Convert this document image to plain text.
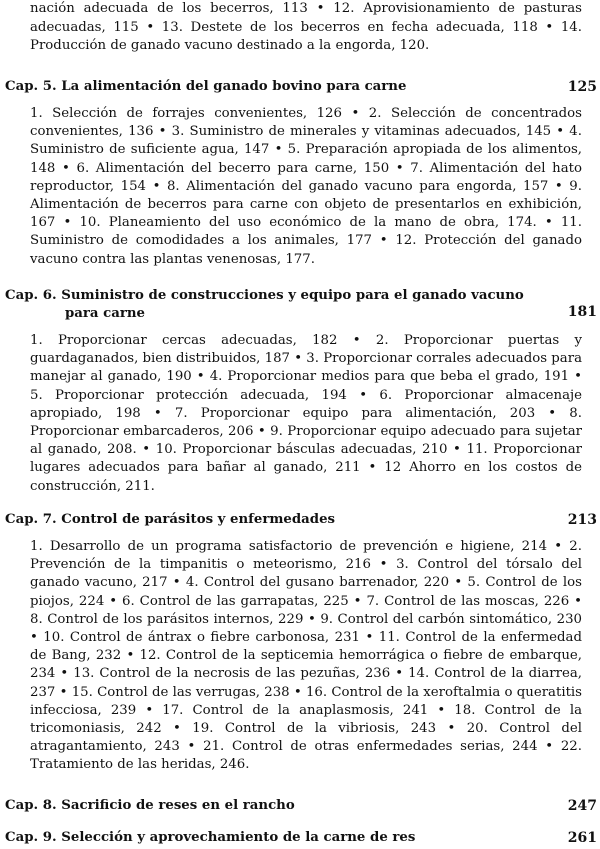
nación adecuada de los becerros, 113 • 12. Aprovisionamiento de pasturas adecuadas, 115 • 13. Destete de los becerros en fecha adecuada, 118 • 14. Producción de ganado vacuno destinado a la engorda, 120.

Cap. 5. La alimentación del ganado bovino para carne	125

1. Selección de forrajes convenientes, 126 • 2. Selección de concentrados convenientes, 136 • 3. Suministro de minerales y vitaminas adecuados, 145 • 4. Suministro de suficiente agua, 147 • 5. Preparación apropiada de los alimentos, 148 • 6. Alimentación del becerro para carne, 150 • 7. Alimentación del hato reproductor, 154 • 8. Alimentación del ganado vacuno para engorda, 157 • 9. Alimentación de becerros para carne con objeto de presentarlos en exhibición, 167 • 10. Planeamiento del uso económico de la mano de obra, 174. • 11. Suministro de comodidades a los animales, 177 • 12. Protección del ganado vacuno contra las plantas venenosas, 177.

Cap. 6. Suministro de construcciones y equipo para el ganado vacuno
para carne	181

1. Proporcionar cercas adecuadas, 182 • 2. Proporcionar puertas y guardaganados, bien distribuidos, 187 • 3. Proporcionar corrales adecuados para manejar al ganado, 190 • 4. Proporcionar medios para que beba el grado, 191 • 5. Proporcionar protección adecuada, 194 • 6. Proporcionar almacenaje apropiado, 198 • 7. Proporcionar equipo para alimentación, 203 • 8. Proporcionar embarcaderos, 206 • 9. Proporcionar equipo adecuado para sujetar al ganado, 208. • 10. Proporcionar básculas adecuadas, 210 • 11. Proporcionar lugares adecuados para bañar al ganado, 211 • 12 Ahorro en los costos de construcción, 211.

Cap. 7. Control de parásitos y enfermedades	213

1. Desarrollo de un programa satisfactorio de prevención e higiene, 214 • 2. Prevención de la timpanitis o meteorismo, 216 • 3. Control del tórsalo del ganado vacuno, 217 • 4. Control del gusano barrenador, 220 • 5. Control de los piojos, 224 • 6. Control de las garrapatas, 225 • 7. Control de las moscas, 226 • 8. Control de los parásitos internos, 229 • 9. Control del carbón sintomático, 230 • 10. Control de ántrax o fiebre carbonosa, 231 • 11. Control de la enfermedad de Bang, 232 • 12. Control de la septicemia hemorrágica o fiebre de embarque, 234 • 13. Control de la necrosis de las pezuñas, 236 • 14. Control de la diarrea, 237 • 15. Control de las verrugas, 238 • 16. Control de la xeroftalmia o queratitis infecciosa, 239 • 17. Control de la anaplasmosis, 241 • 18. Control de la tricomoniasis, 242 • 19. Control de la vibriosis, 243 • 20. Control del atragantamiento, 243 • 21. Control de otras enfermedades serias, 244 • 22. Tratamiento de las heridas, 246.

Cap. 8. Sacrificio de reses en el rancho	247
Cap. 9. Selección y aprovechamiento de la carne de res	261
